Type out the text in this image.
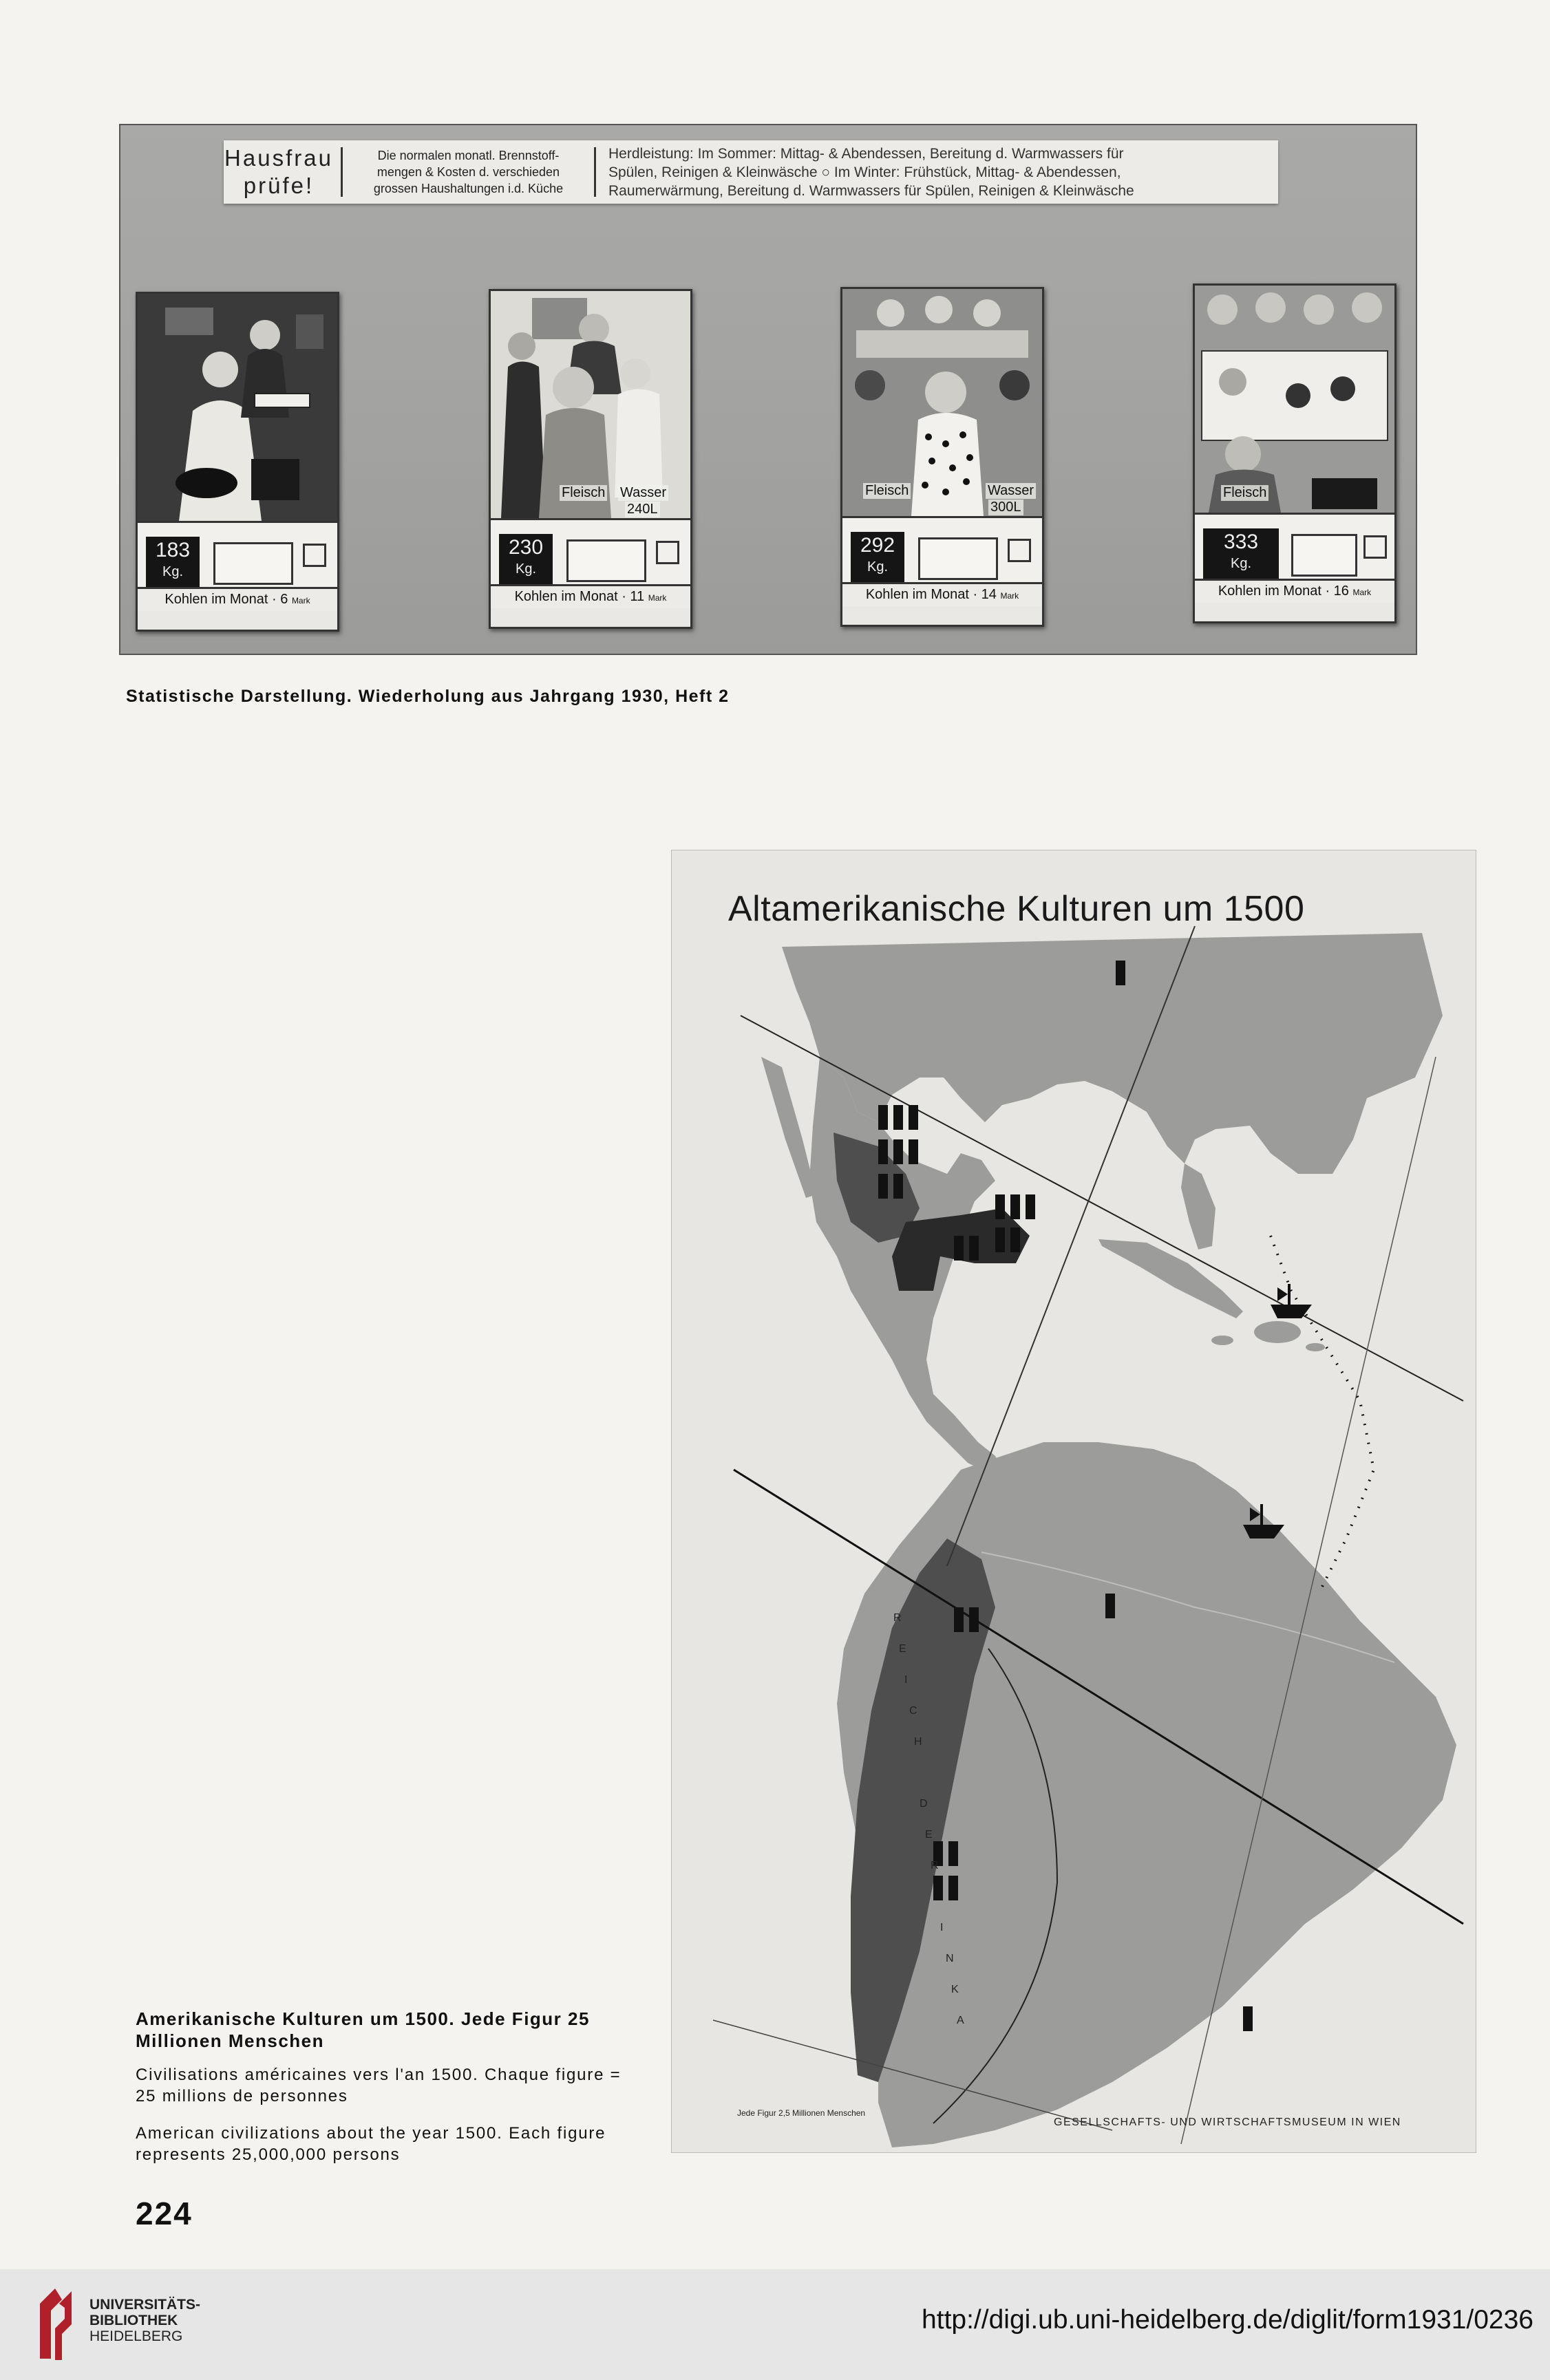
Hausfrau
prüfe!
Die normalen monatl. Brennstoff-
mengen & Kosten d. verschieden
grossen Haushaltungen i.d. Küche
Herdleistung: Im Sommer: Mittag- & Abendessen, Bereitung d. Warmwassers für
Spülen, Reinigen & Kleinwäsche ○ Im Winter: Frühstück, Mittag- & Abendessen,
Raumerwärmung, Bereitung d. Warmwassers für Spülen, Reinigen & Kleinwäsche
183
Kg.
Kohlen im Monat · 6 Mark
Fleisch Wasser
240L
230
Kg.
Kohlen im Monat · 11 Mark
Fleisch	Wasser
300L
292
Kg.
Kohlen im Monat · 14 Mark
Fleisch
333
Kg.
Kohlen im Monat · 16 Mark
Statistische Darstellung. Wiederholung aus Jahrgang 1930, Heft 2
Altamerikanische Kulturen um 1500
R
E
I
C
H
D
E
R
I
N
K
A
Jede Figur 2,5 Millionen Menschen
GESELLSCHAFTS- UND WIRTSCHAFTSMUSEUM IN WIEN
Amerikanische Kulturen um 1500. Jede Figur 25 Millionen Menschen
Civilisations américaines vers l'an 1500. Chaque figure = 25 millions de personnes
American civilizations about the year 1500. Each figure represents 25,000,000 persons
224
UNIVERSITÄTS-
BIBLIOTHEK
HEIDELBERG
http://digi.ub.uni-heidelberg.de/diglit/form1931/0236
